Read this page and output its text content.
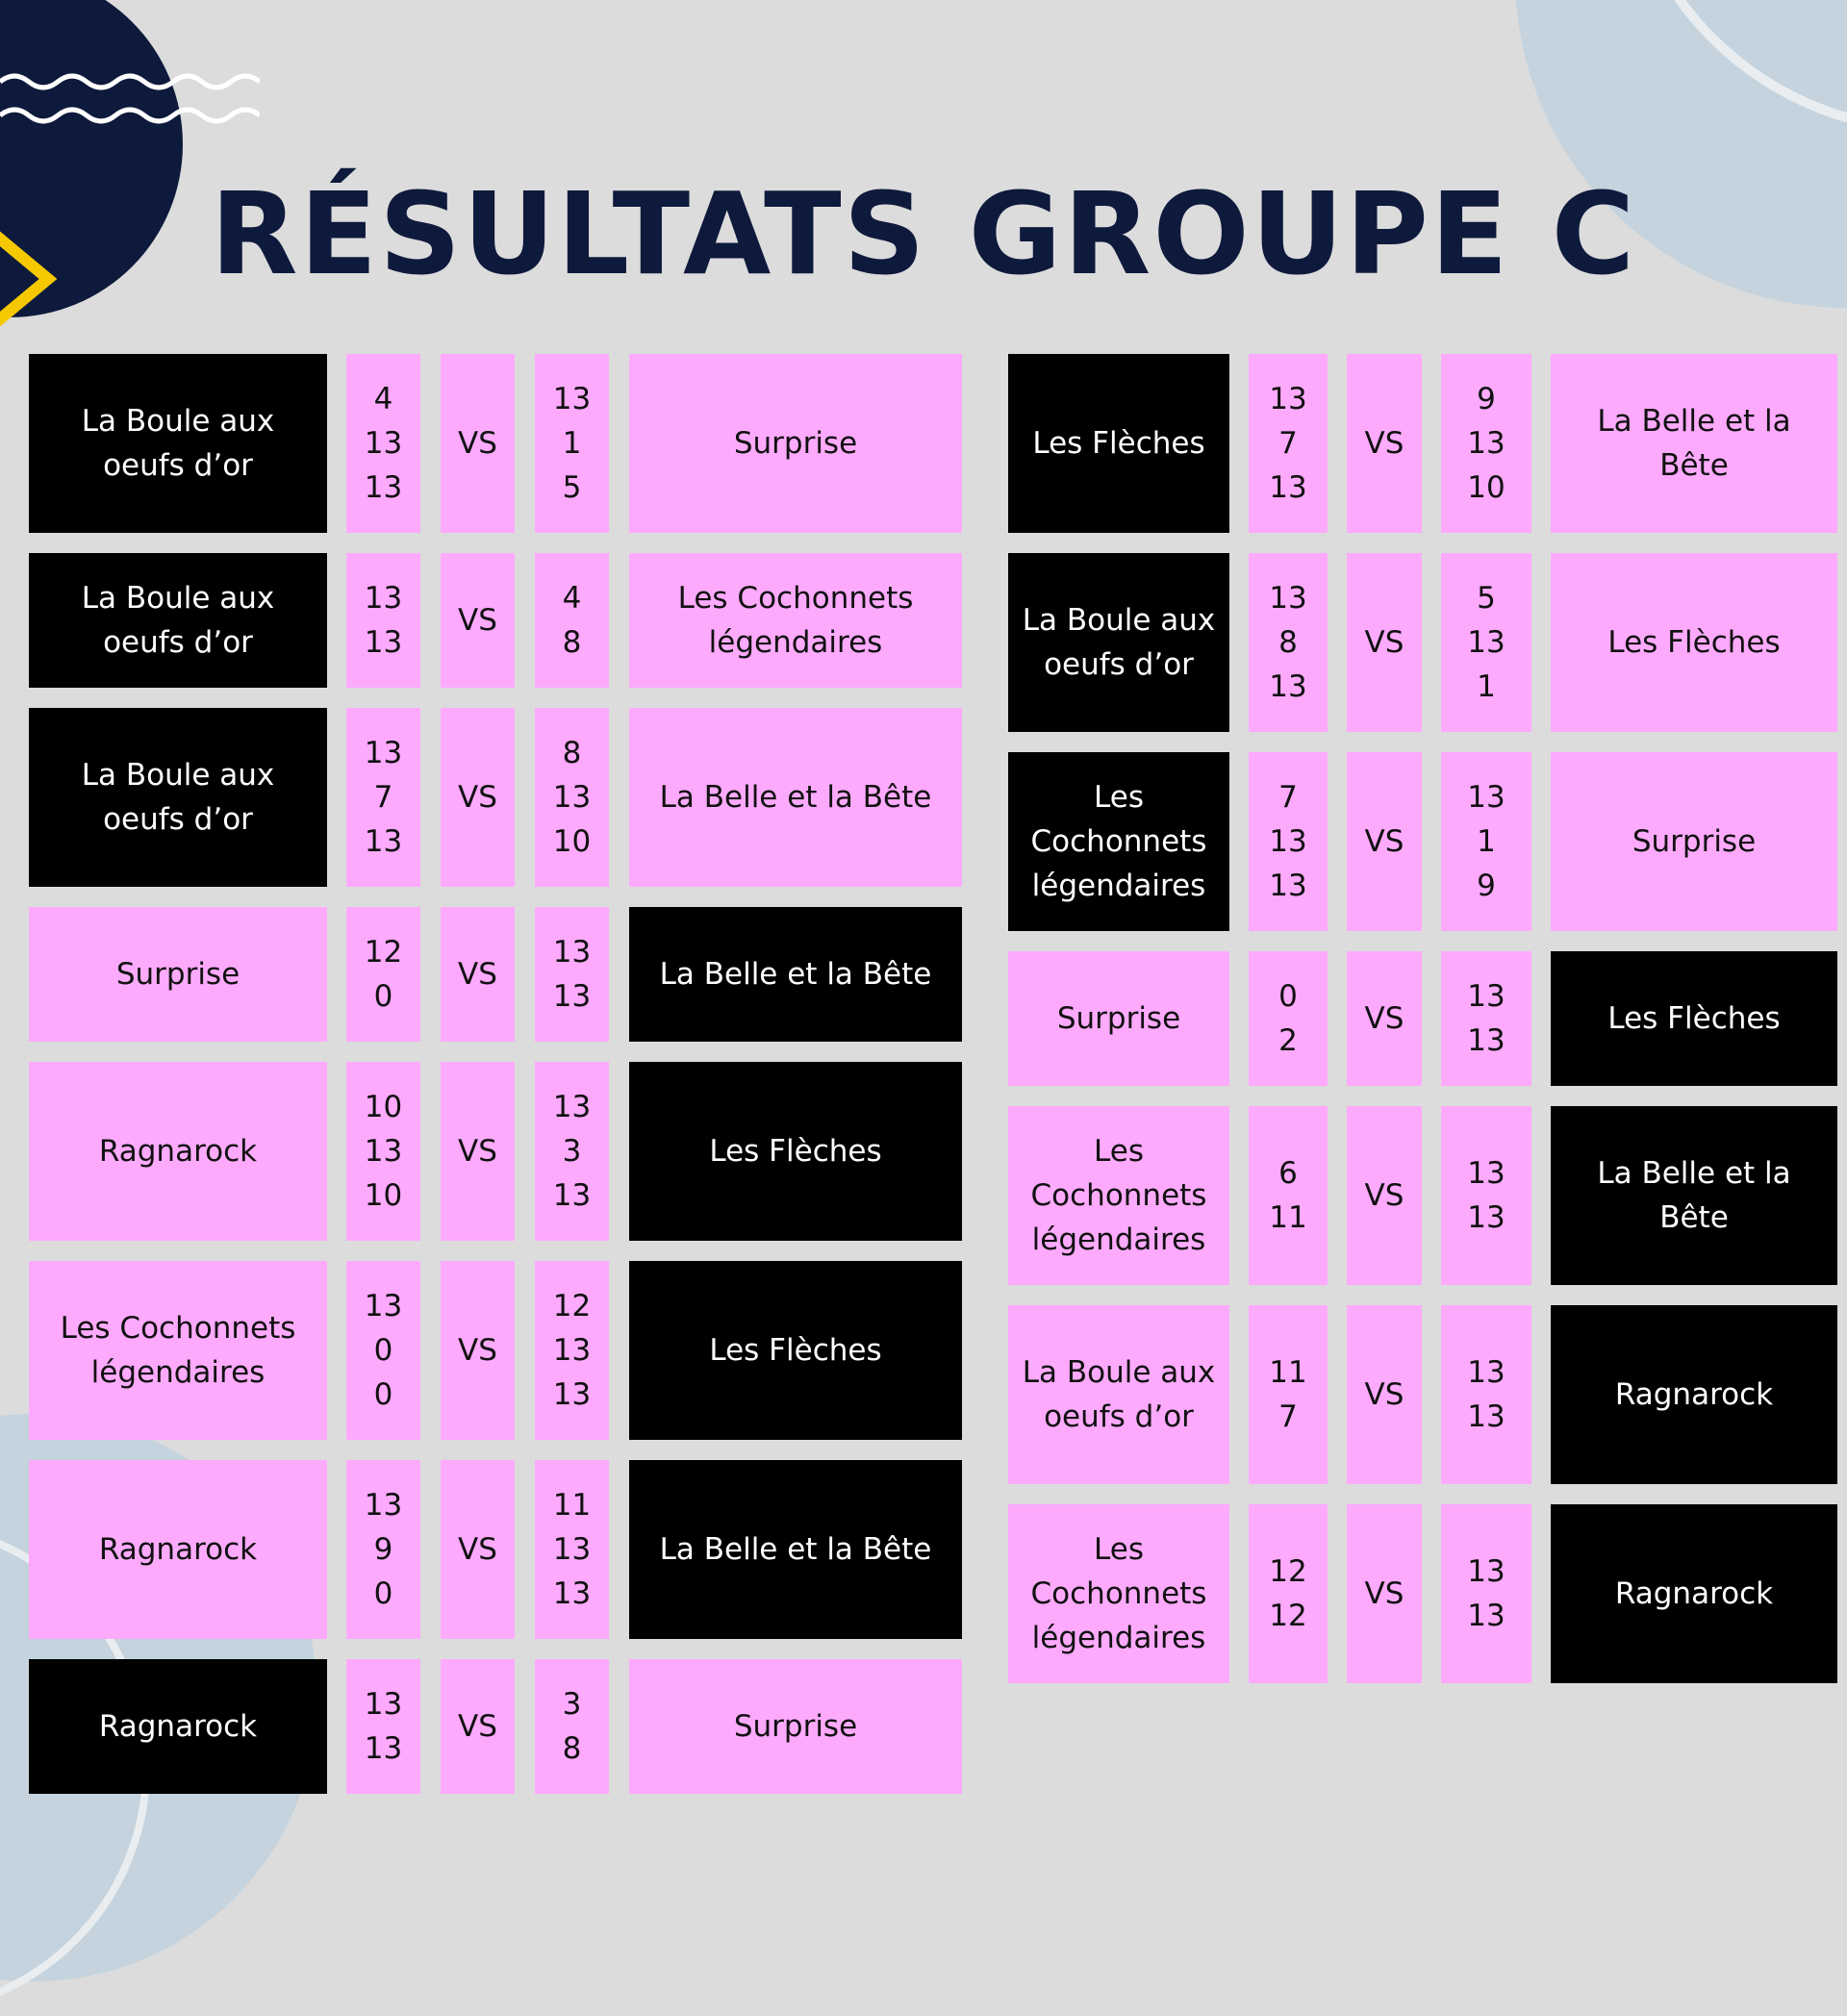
RÉSULTATS GROUPE C
La Boule aux oeufs d’or
4
13
13
VS
13
1
5
Surprise
La Boule aux oeufs d’or
13
13
VS
4
8
Les Cochonnets légendaires
La Boule aux oeufs d’or
13
7
13
VS
8
13
10
La Belle et la Bête
Surprise
12
0
VS
13
13
La Belle et la Bête
Ragnarock
10
13
10
VS
13
3
13
Les Flèches
Les Cochonnets légendaires
13
0
0
VS
12
13
13
Les Flèches
Ragnarock
13
9
0
VS
11
13
13
La Belle et la Bête
Ragnarock
13
13
VS
3
8
Surprise
Les Flèches
13
7
13
VS
9
13
10
La Belle et la Bête
La Boule aux oeufs d’or
13
8
13
VS
5
13
1
Les Flèches
Les Cochonnets légendaires
7
13
13
VS
13
1
9
Surprise
Surprise
0
2
VS
13
13
Les Flèches
Les Cochonnets légendaires
6
11
VS
13
13
La Belle et la Bête
La Boule aux oeufs d’or
11
7
VS
13
13
Ragnarock
Les Cochonnets légendaires
12
12
VS
13
13
Ragnarock
